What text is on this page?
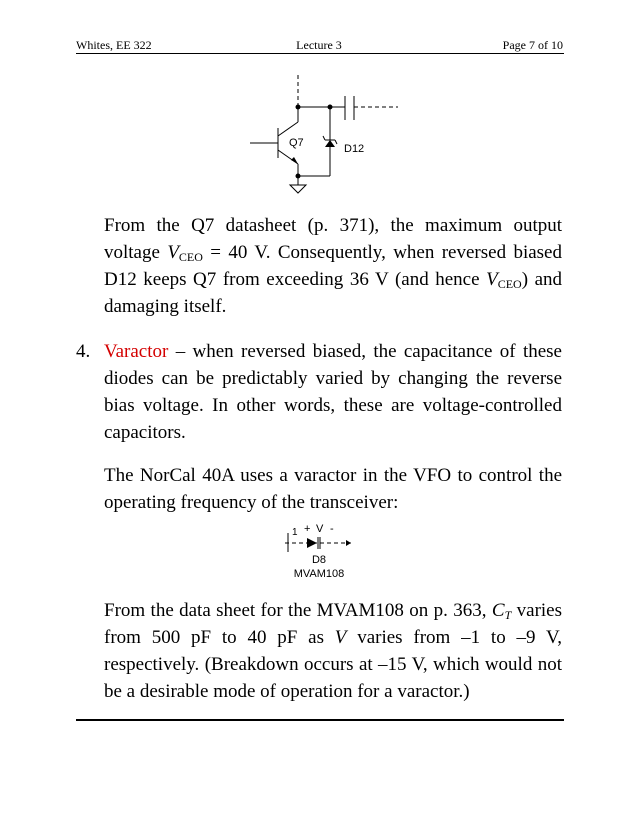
Whites, EE 322	Lecture 3	Page 7 of 10
Q7	D12
1 + V -
D8
MVAM108
From the Q7 datasheet (p. 371), the maximum output
voltage $V_{CEO} = 40$ V. Consequently, when reversed biased
D12 keeps Q7 from exceeding 36 V (and hence $V_{CEO}$) and
damaging itself.
4. Varactor – when reversed biased, the capacitance of these
diodes can be predictably varied by changing the reverse
bias voltage. In other words, these are voltage-controlled
capacitors.
The NorCal 40A uses a varactor in the VFO to control the
operating frequency of the transceiver:
From the data sheet for the MVAM108 on p. 363, $C_T$ varies
from 500 pF to 40 pF as V varies from –1 to –9 V,
respectively. (Breakdown occurs at –15 V, which would not
be a desirable mode of operation for a varactor.)
